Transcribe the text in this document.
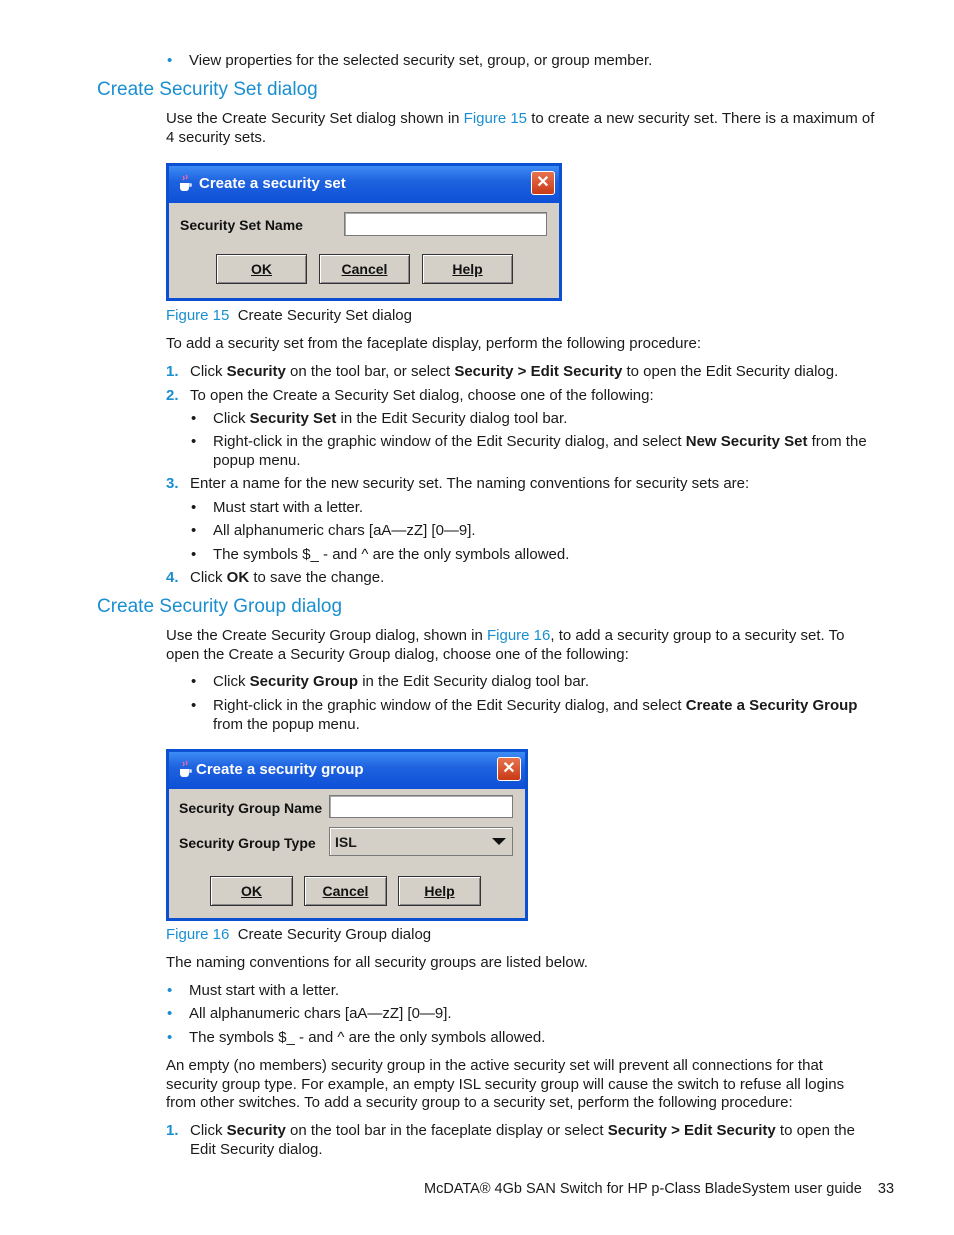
• View properties for the selected security set, group, or group member.
Create Security Set dialog

Use the Create Security Set dialog shown in Figure 15 to create a new security set. There is a maximum of 4 security sets.

Create a security set	✕
Security Set Name
OK	Cancel	Help
Figure 15 Create Security Set dialog

To add a security set from the faceplate display, perform the following procedure:

1. Click Security on the tool bar, or select Security > Edit Security to open the Edit Security dialog.
2. To open the Create a Security Set dialog, choose one of the following:
• Click Security Set in the Edit Security dialog tool bar.
• Right-click in the graphic window of the Edit Security dialog, and select New Security Set from the popup menu.
3. Enter a name for the new security set. The naming conventions for security sets are:
• Must start with a letter.
• All alphanumeric chars [aA—zZ] [0—9].
• The symbols $_ - and ^ are the only symbols allowed.
4. Click OK to save the change.
Create Security Group dialog

Use the Create Security Group dialog, shown in Figure 16, to add a security group to a security set. To open the Create a Security Group dialog, choose one of the following:

• Click Security Group in the Edit Security dialog tool bar.
• Right-click in the graphic window of the Edit Security dialog, and select Create a Security Group from the popup menu.
Create a security group	✕
Security Group Name
Security Group Type ISL
OK	Cancel	Help
Figure 16 Create Security Group dialog

The naming conventions for all security groups are listed below.

• Must start with a letter.
• All alphanumeric chars [aA—zZ] [0—9].
• The symbols $_ - and ^ are the only symbols allowed.

An empty (no members) security group in the active security set will prevent all connections for that security group type. For example, an empty ISL security group will cause the switch to refuse all logins from other switches. To add a security group to a security set, perform the following procedure:

1. Click Security on the tool bar in the faceplate display or select Security > Edit Security to open the Edit Security dialog.
McDATA® 4Gb SAN Switch for HP p-Class BladeSystem user guide 33
